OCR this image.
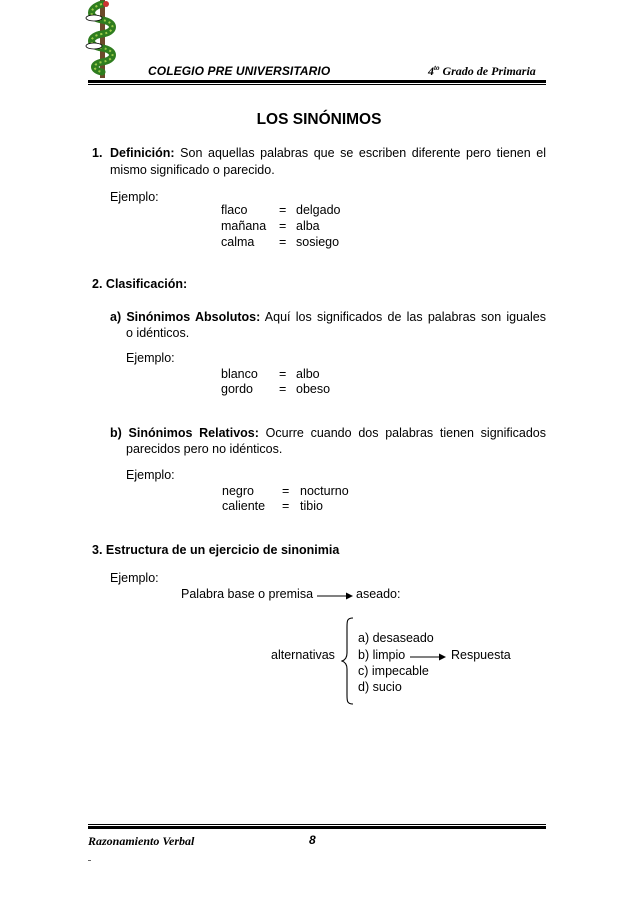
COLEGIO PRE UNIVERSITARIO	$4^{to}$ Grado de Primaria
LOS SINÓNIMOS
1. Definición: Son aquellas palabras que se escriben diferente pero tienen el
mismo significado o parecido.
Ejemplo:
flaco	= delgado
mañana = alba
calma = sosiego
2. Clasificación:
a) Sinónimos Absolutos: Aquí los significados de las palabras son iguales
o idénticos.
Ejemplo:
blanco = albo
gordo = obeso
b) Sinónimos Relativos: Ocurre cuando dos palabras tienen significados
parecidos pero no idénticos.
Ejemplo:
negro = nocturno
caliente = tibio
3. Estructura de un ejercicio de sinonimia
Ejemplo:
Palabra base o premisa	aseado:
alternativas
a) desaseado
b) limpio	Respuesta
c) impecable
d) sucio
Razonamiento Verbal	8
